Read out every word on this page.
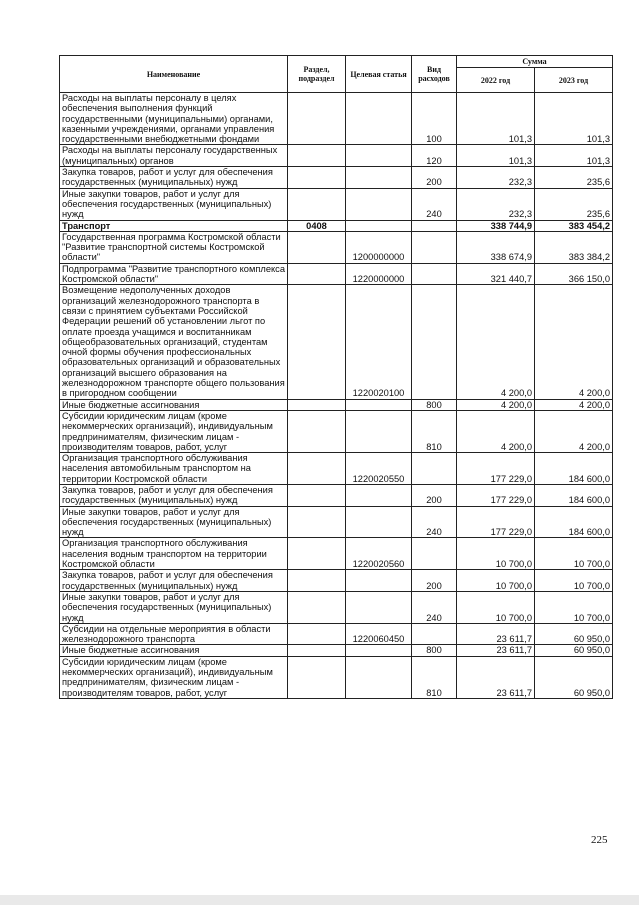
Наименование	Раздел, подраздел	Целевая статья	Вид расходов	Сумма	
				2022 год	2023 год
Расходы на выплаты персоналу в целях обеспечения выполнения функций государственными (муниципальными) органами, казенными учреждениями, органами управления государственными внебюджетными фондами			100	101,3	101,3
Расходы на выплаты персоналу государственных (муниципальных) органов			120	101,3	101,3
Закупка товаров, работ и услуг для обеспечения государственных (муниципальных) нужд			200	232,3	235,6
Иные закупки товаров, работ и услуг для обеспечения государственных (муниципальных) нужд			240	232,3	235,6
Транспорт	0408			338 744,9	383 454,2
Государственная программа Костромской области "Развитие транспортной системы Костромской области"		1200000000		338 674,9	383 384,2
Подпрограмма "Развитие транспортного комплекса Костромской области"		1220000000		321 440,7	366 150,0
Возмещение недополученных доходов организаций железнодорожного транспорта в связи с принятием субъектами Российской Федерации решений об установлении льгот по оплате проезда учащимся и воспитанникам общеобразовательных организаций, студентам очной формы обучения профессиональных образовательных организаций и образовательных организаций высшего образования на железнодорожном транспорте общего пользования в пригородном сообщении		1220020100		4 200,0	4 200,0
Иные бюджетные ассигнования			800	4 200,0	4 200,0
Субсидии юридическим лицам (кроме некоммерческих организаций), индивидуальным предпринимателям, физическим лицам - производителям товаров, работ, услуг			810	4 200,0	4 200,0
Организация транспортного обслуживания населения автомобильным транспортом на территории Костромской области		1220020550		177 229,0	184 600,0
Закупка товаров, работ и услуг для обеспечения государственных (муниципальных) нужд			200	177 229,0	184 600,0
Иные закупки товаров, работ и услуг для обеспечения государственных (муниципальных) нужд			240	177 229,0	184 600,0
Организация транспортного обслуживания населения водным транспортом на территории Костромской области		1220020560		10 700,0	10 700,0
Закупка товаров, работ и услуг для обеспечения государственных (муниципальных) нужд			200	10 700,0	10 700,0
Иные закупки товаров, работ и услуг для обеспечения государственных (муниципальных) нужд			240	10 700,0	10 700,0
Субсидии на отдельные мероприятия в области железнодорожного транспорта		1220060450		23 611,7	60 950,0
Иные бюджетные ассигнования			800	23 611,7	60 950,0
Субсидии юридическим лицам (кроме некоммерческих организаций), индивидуальным предпринимателям, физическим лицам - производителям товаров, работ, услуг			810	23 611,7	60 950,0
225
